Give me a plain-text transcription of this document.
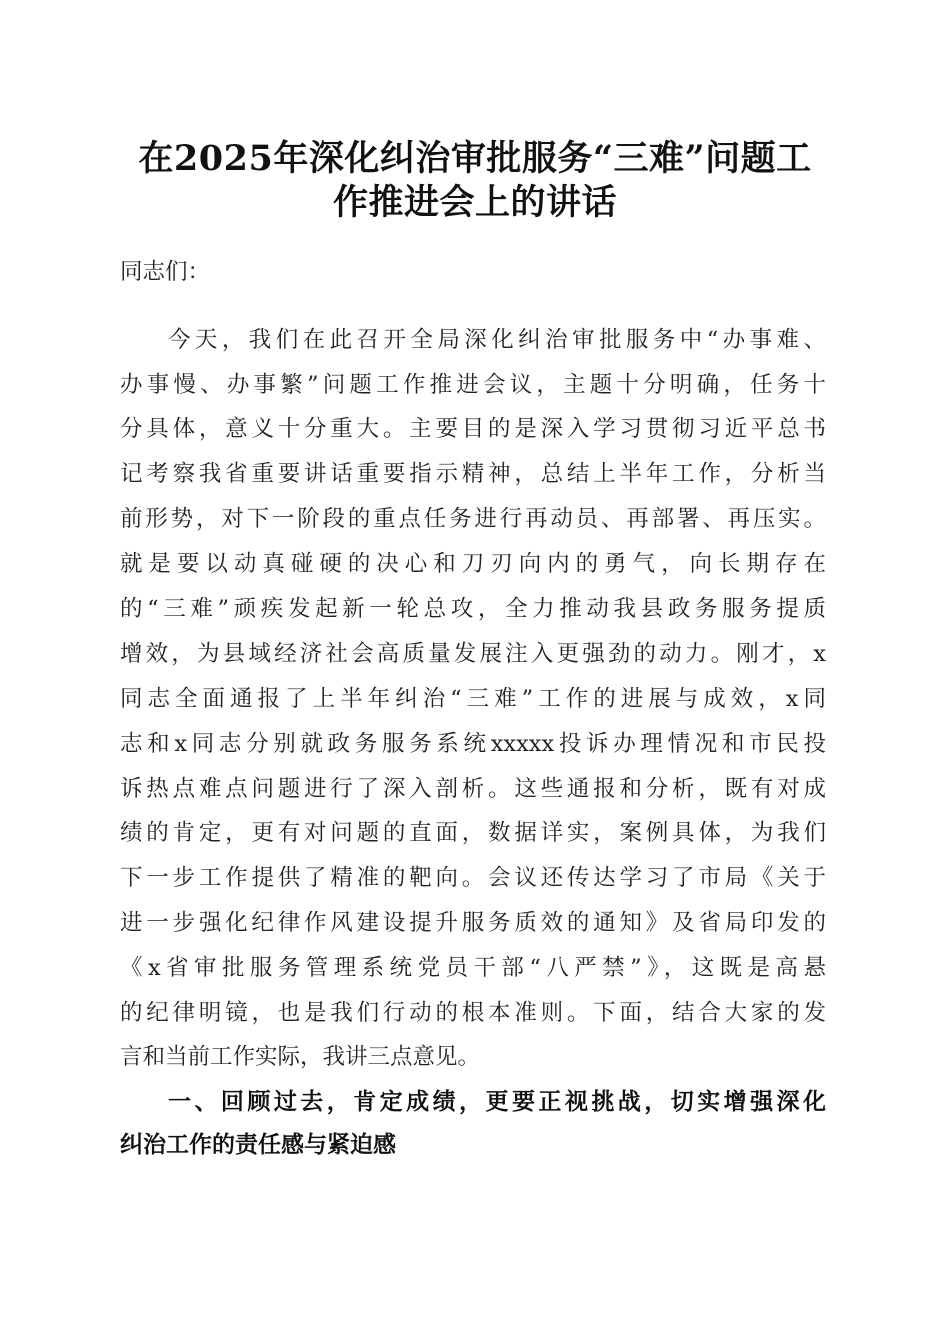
在2025年深化纠治审批服务“三难”问题工
作推进会上的讲话
同志们：
今天，我们在此召开全局深化纠治审批服务中“办事难、
办事慢、办事繁”问题工作推进会议，主题十分明确，任务十
分具体，意义十分重大。主要目的是深入学习贯彻习近平总书
记考察我省重要讲话重要指示精神，总结上半年工作，分析当
前形势，对下一阶段的重点任务进行再动员、再部署、再压实。
就是要以动真碰硬的决心和刀刃向内的勇气，向长期存在
的“三难”顽疾发起新一轮总攻，全力推动我县政务服务提质
增效，为县域经济社会高质量发展注入更强劲的动力。刚才，x
同志全面通报了上半年纠治“三难”工作的进展与成效，x同
志和x同志分别就政务服务系统xxxxx投诉办理情况和市民投
诉热点难点问题进行了深入剖析。这些通报和分析，既有对成
绩的肯定，更有对问题的直面，数据详实，案例具体，为我们
下一步工作提供了精准的靶向。会议还传达学习了市局《关于
进一步强化纪律作风建设提升服务质效的通知》及省局印发的
《x省审批服务管理系统党员干部“八严禁”》，这既是高悬
的纪律明镜，也是我们行动的根本准则。下面，结合大家的发
言和当前工作实际，我讲三点意见。
一、回顾过去，肯定成绩，更要正视挑战，切实增强深化
纠治工作的责任感与紧迫感
